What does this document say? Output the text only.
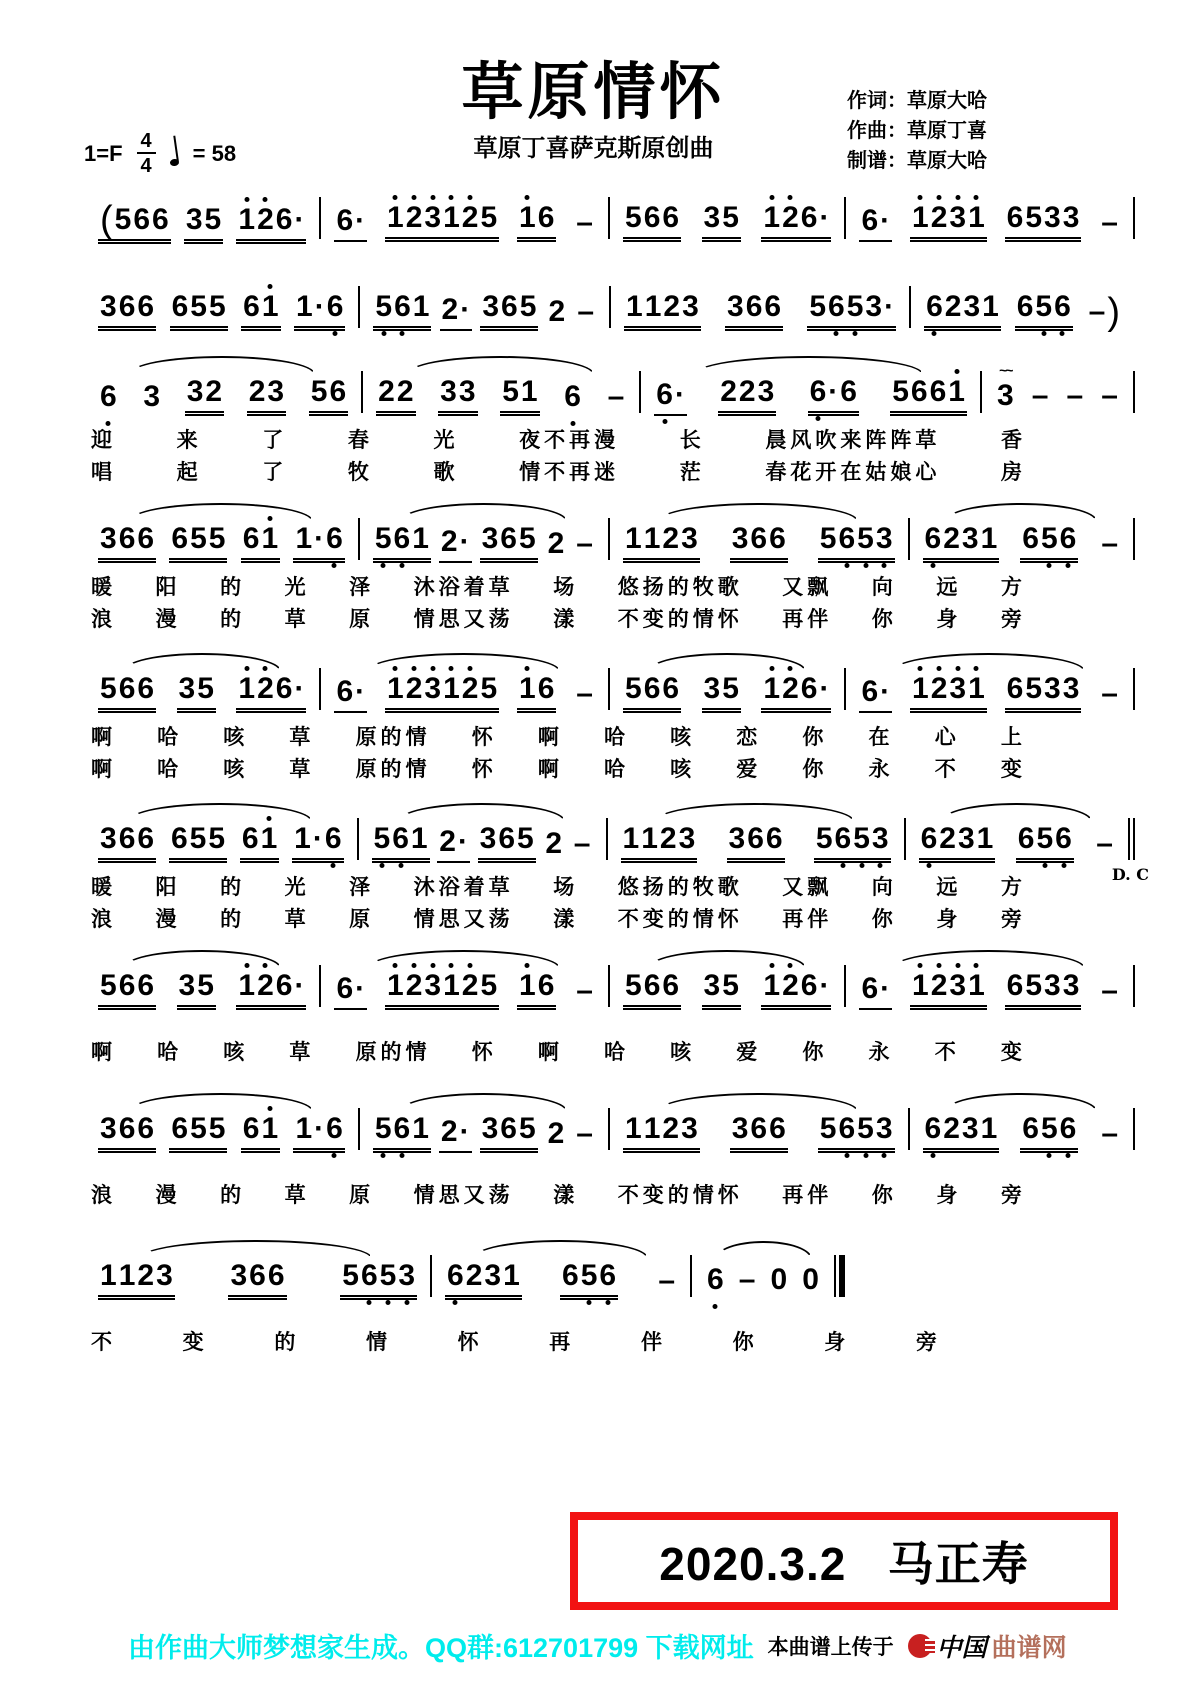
草原情怀
草原丁喜萨克斯原创曲
作词：草原大哈
作曲：草原丁喜
制谱：草原大哈
$1=F \frac{4}{4} = 58$
( 5 6 6 3 5 1 2 6 · 6 · 1 2 3 1 2 5 1 6 – 5 6 6 3 5 1 2 6 · 6 · 1 2 3 1 6 5 3 3 –
3 6 6 6 5 5 6 1 1 · 6 5 6 1 2 · 3 6 5 2 – 1 1 2 3 3 6 6 5 6 5 3 · 6 2 3 1 6 5 6 – )
6 3 3 2 2 3 5 6 2 2 3 3 5 1 6 – 6 · 2 2 3 6 · 6 5 6 6 1 3
~~
– – –
迎	来	了	春	光	夜不再漫	长	晨风吹来阵阵草	香
唱	起	了	牧	歌	情不再迷	茫	春花开在姑娘心	房
3 6 6 6 5 5 6 1 1 · 6 5 6 1 2 · 3 6 5 2 – 1 1 2 3 3 6 6 5 6 5 3 6 2 3 1 6 5 6 –
暖 阳 的 光 泽 沐浴着草 场 悠扬的牧歌 又飘 向 远 方
浪 漫 的 草 原 情思又荡 漾 不变的情怀 再伴 你 身 旁
5 6 6 3 5 1 2 6 · 6 · 1 2 3 1 2 5 1 6 – 5 6 6 3 5 1 2 6 · 6 · 1 2 3 1 6 5 3 3 –
啊 哈 咳 草 原的情 怀 啊 哈 咳 恋 你 在 心 上
啊 哈 咳 草 原的情 怀 啊 哈 咳 爱 你 永 不 变
D. C
3 6 6 6 5 5 6 1 1 · 6 5 6 1 2 · 3 6 5 2 – 1 1 2 3 3 6 6 5 6 5 3 6 2 3 1 6 5 6 –
暖 阳 的 光 泽 沐浴着草 场 悠扬的牧歌 又飘 向 远 方
浪 漫 的 草 原 情思又荡 漾 不变的情怀 再伴 你 身 旁
5 6 6 3 5 1 2 6 · 6 · 1 2 3 1 2 5 1 6 – 5 6 6 3 5 1 2 6 · 6 · 1 2 3 1 6 5 3 3 –
啊 哈 咳 草 原的情 怀 啊 哈 咳 爱 你 永 不 变
3 6 6 6 5 5 6 1 1 · 6 5 6 1 2 · 3 6 5 2 – 1 1 2 3 3 6 6 5 6 5 3 6 2 3 1 6 5 6 –
浪 漫 的 草 原 情思又荡 漾 不变的情怀 再伴 你 身 旁
1 1 2 3 3 6 6 5 6 5 3 6 2 3 1 6 5 6 – 6 – 0 0
不	变	的	情	怀	再	伴	你	身	旁
2020.3.2   马正寿
由作曲大师梦想家生成。QQ群:612701799 下载网址 本曲谱上传于 中国 曲谱网
